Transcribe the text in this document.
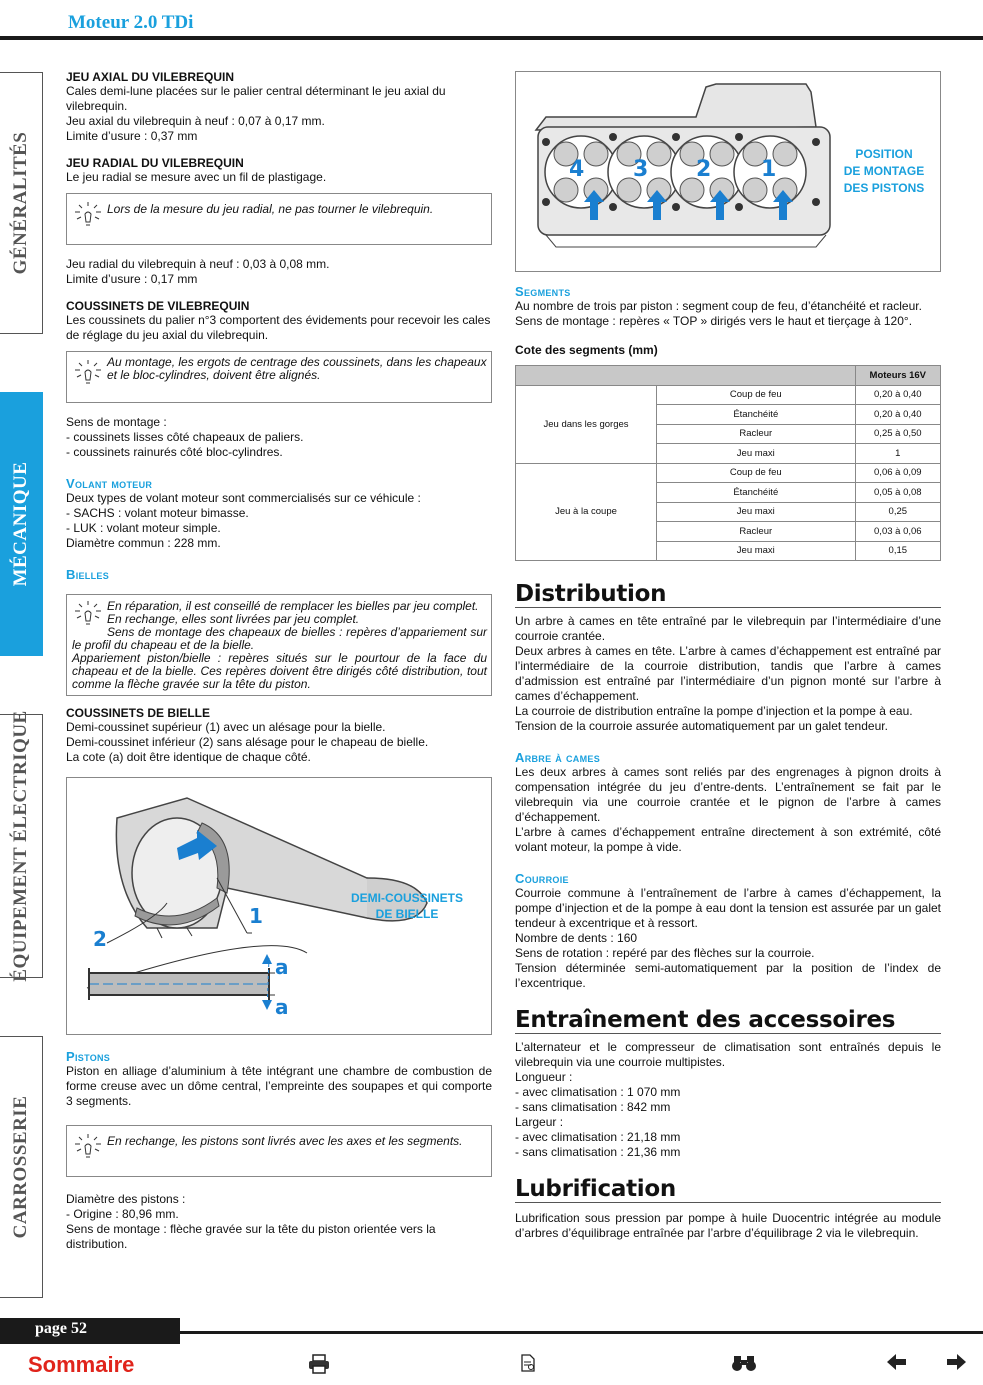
Moteur 2.0 TDi
GÉNÉRALITÉS
MÉCANIQUE
ÉQUIPEMENT ÉLECTRIQUE
CARROSSERIE
JEU AXIAL DU VILEBREQUIN

Cales demi-lune placées sur le palier central déterminant le jeu axial du vilebrequin.

Jeu axial du vilebrequin à neuf : 0,07 à 0,17 mm.

Limite d’usure : 0,37 mm

JEU RADIAL DU VILEBREQUIN

Le jeu radial se mesure avec un fil de plastigage.

Lors de la mesure du jeu radial, ne pas tourner le vilebrequin.

Jeu radial du vilebrequin à neuf : 0,03 à 0,08 mm.

Limite d’usure : 0,17 mm

COUSSINETS DE VILEBREQUIN

Les coussinets du palier n°3 comportent des évidements pour recevoir les cales de réglage du jeu axial du vilebrequin.

Au montage, les ergots de centrage des coussinets, dans les chapeaux et le bloc-cylindres, doivent être alignés.

Sens de montage :

- coussinets lisses côté chapeaux de paliers.

- coussinets rainurés côté bloc-cylindres.

Volant moteur

Deux types de volant moteur sont commercialisés sur ce véhicule :

- SACHS : volant moteur bimasse.

- LUK : volant moteur simple.

Diamètre commun : 228 mm.

Bielles

En réparation, il est conseillé de remplacer les bielles par jeu complet.

En rechange, elles sont livrées par jeu complet.

Sens de montage des chapeaux de bielles : repères d’appariement sur le profil du chapeau et de la bielle.

Appariement piston/bielle : repères situés sur le pourtour de la face du chapeau et de la bielle. Ces repères doivent être dirigés côté distribution, tout comme la flèche gravée sur la tête du piston.

COUSSINETS DE BIELLE

Demi-coussinet supérieur (1) avec un alésage pour la bielle.

Demi-coussinet inférieur (2) sans alésage pour le chapeau de bielle.

La cote (a) doit être identique de chaque côté.

1
2
a
a
DEMI-COUSSINETS
DE BIELLE
Pistons

Piston en alliage d’aluminium à tête intégrant une chambre de combustion de forme creuse avec un dôme central, l’empreinte des soupapes et qui comporte 3 segments.

En rechange, les pistons sont livrés avec les axes et les segments.

Diamètre des pistons :

- Origine : 80,96 mm.

Sens de montage : flèche gravée sur la tête du piston orientée vers la distribution.

4 3 2 1
POSITION
DE MONTAGE
DES PISTONS
Segments

Au nombre de trois par piston : segment coup de feu, d’étanchéité et racleur.

Sens de montage : repères « TOP » dirigés vers le haut et tierçage à 120°.

Cote des segments (mm)
		Moteurs 16V
Jeu dans les gorges	Coup de feu	0,20 à 0,40
	Étanchéité	0,20 à 0,40
	Racleur	0,25 à 0,50
	Jeu maxi	1
Jeu à la coupe	Coup de feu	0,06 à 0,09
	Étanchéité	0,05 à 0,08
	Jeu maxi	0,25
	Racleur	0,03 à 0,06
	Jeu maxi	0,15
Distribution

Un arbre à cames en tête entraîné par le vilebrequin par l’intermédiaire d’une courroie crantée.

Deux arbres à cames en tête. L’arbre à cames d’échappement est entraîné par l’intermédiaire de la courroie distribution, tandis que l’arbre à cames d’admission est entraîné par l’intermédiaire d’un pignon monté sur l’arbre à cames d’échappement.

La courroie de distribution entraîne la pompe d’injection et la pompe à eau.

Tension de la courroie assurée automatiquement par un galet tendeur.

Arbre à cames

Les deux arbres à cames sont reliés par des engrenages à pignon droits à compensation intégrée du jeu d’entre-dents. L’entraînement se fait par le vilebrequin via une courroie crantée et le pignon de l’arbre à cames d’échappement.

L’arbre à cames d’échappement entraîne directement à son extrémité, côté volant moteur, la pompe à vide.

Courroie

Courroie commune à l’entraînement de l’arbre à cames d’échappement, la pompe d’injection et de la pompe à eau dont la tension est assurée par un galet tendeur à excentrique et à ressort.

Nombre de dents : 160

Sens de rotation : repéré par des flèches sur la courroie.

Tension déterminée semi-automatiquement par la position de l’index de l’excentrique.

Entraînement des accessoires

L’alternateur et le compresseur de climatisation sont entraînés depuis le vilebrequin via une courroie multipistes.

Longueur :

- avec climatisation : 1 070 mm

- sans climatisation : 842 mm

Largeur :

- avec climatisation : 21,18 mm

- sans climatisation : 21,36 mm

Lubrification

Lubrification sous pression par pompe à huile Duocentric intégrée au module d’arbres d’équilibrage entraînée par l’arbre d’équilibrage 2 via le vilebrequin.

page 52
Sommaire
